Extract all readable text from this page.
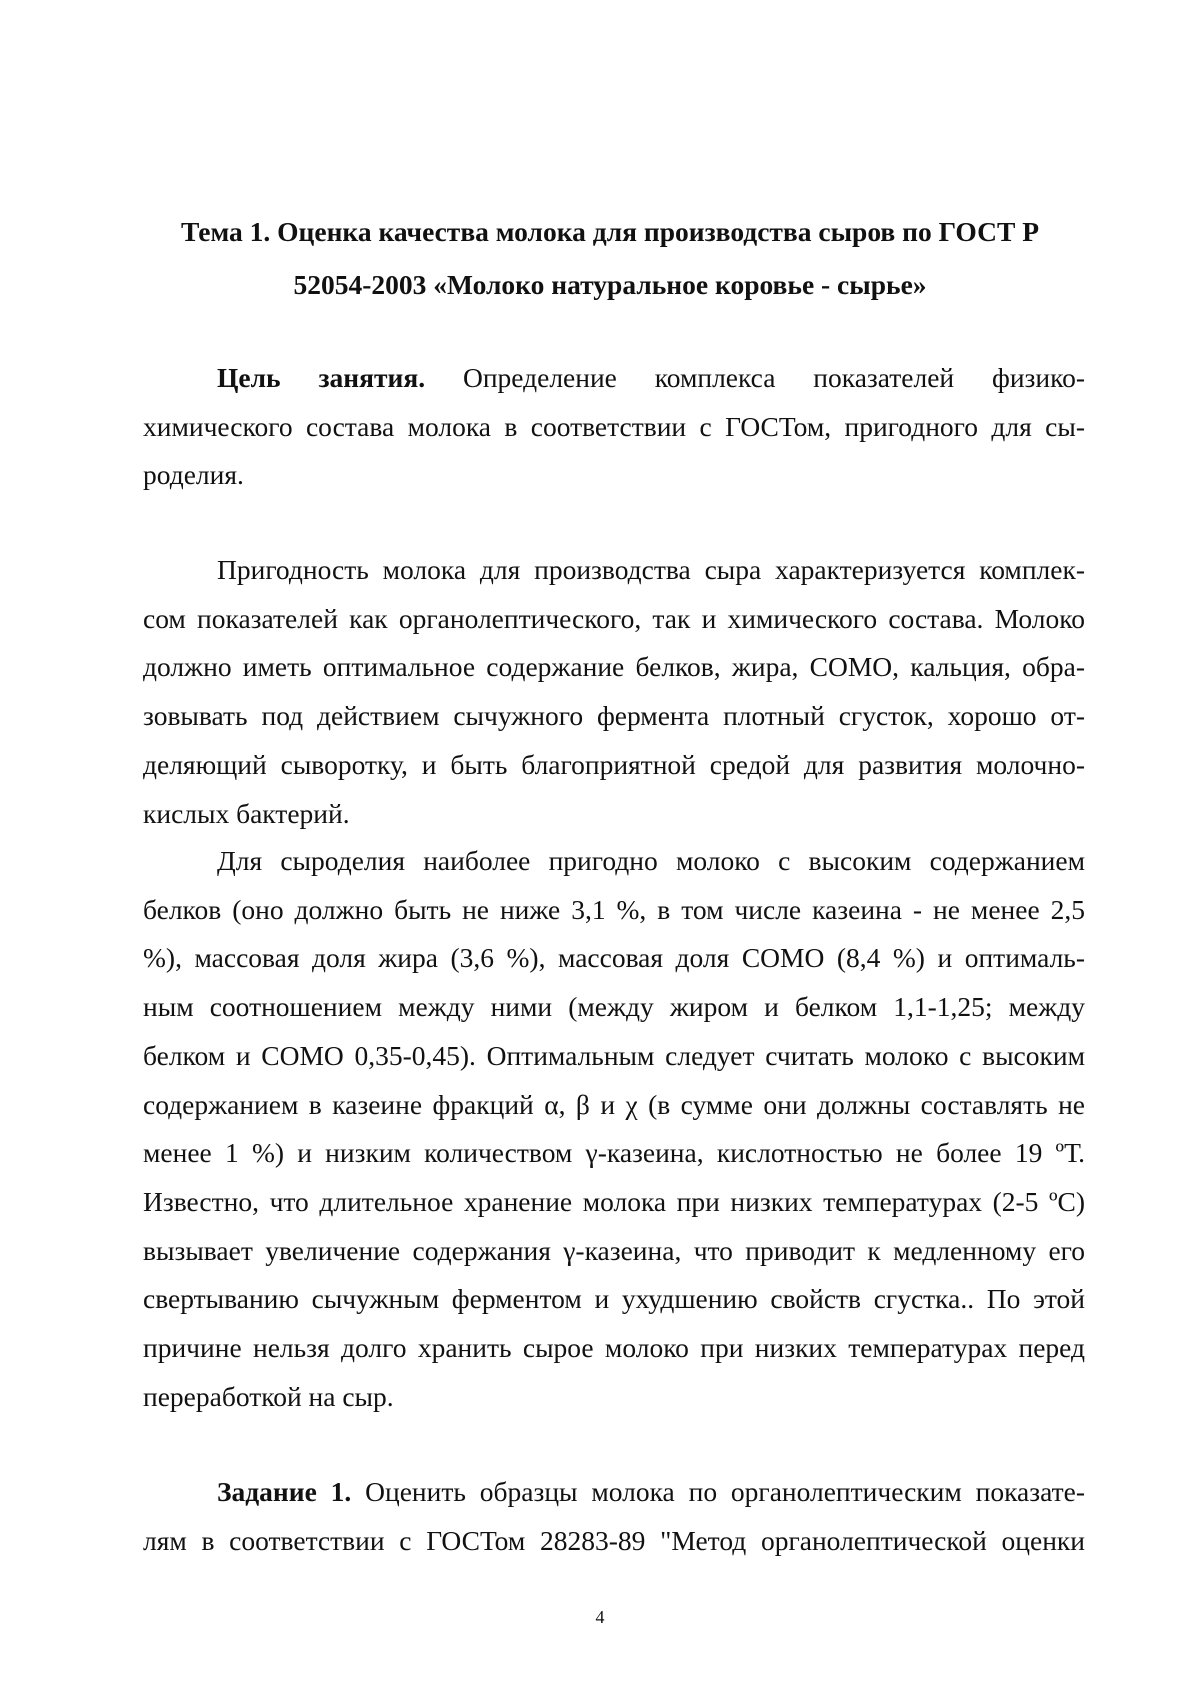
Тема 1. Оценка качества молока для производства сыров по ГОСТ Р
52054-2003 «Молоко натуральное коровье - сырье»
Цель занятия. Определение комплекса показателей физико-
химического состава молока в соответствии с ГОСТом, пригодного для сы-
роделия.
Пригодность молока для производства сыра характеризуется комплек-
сом показателей как органолептического, так и химического состава. Молоко
должно иметь оптимальное содержание белков, жира, СОМО, кальция, обра-
зовывать под действием сычужного фермента плотный сгусток, хорошо от-
деляющий сыворотку, и быть благоприятной средой для развития молочно-
кислых бактерий.
Для сыроделия наиболее пригодно молоко с высоким содержанием
белков (оно должно быть не ниже 3,1 %, в том числе казеина - не менее 2,5
%), массовая доля жира (3,6 %), массовая доля СОМО (8,4 %) и оптималь-
ным соотношением между ними (между жиром и белком 1,1-1,25; между
белком и СОМО 0,35-0,45). Оптимальным следует считать молоко с высоким
содержанием в казеине фракций α, β и χ (в сумме они должны составлять не
менее 1 %) и низким количеством γ-казеина, кислотностью не более 19 ºТ.
Известно, что длительное хранение молока при низких температурах (2-5 ºС)
вызывает увеличение содержания γ-казеина, что приводит к медленному его
свертыванию сычужным ферментом и ухудшению свойств сгустка.. По этой
причине нельзя долго хранить сырое молоко при низких температурах перед
переработкой на сыр.
Задание 1. Оценить образцы молока по органолептическим показате-
лям в соответствии с ГОСТом 28283-89 "Метод органолептической оценки
4
